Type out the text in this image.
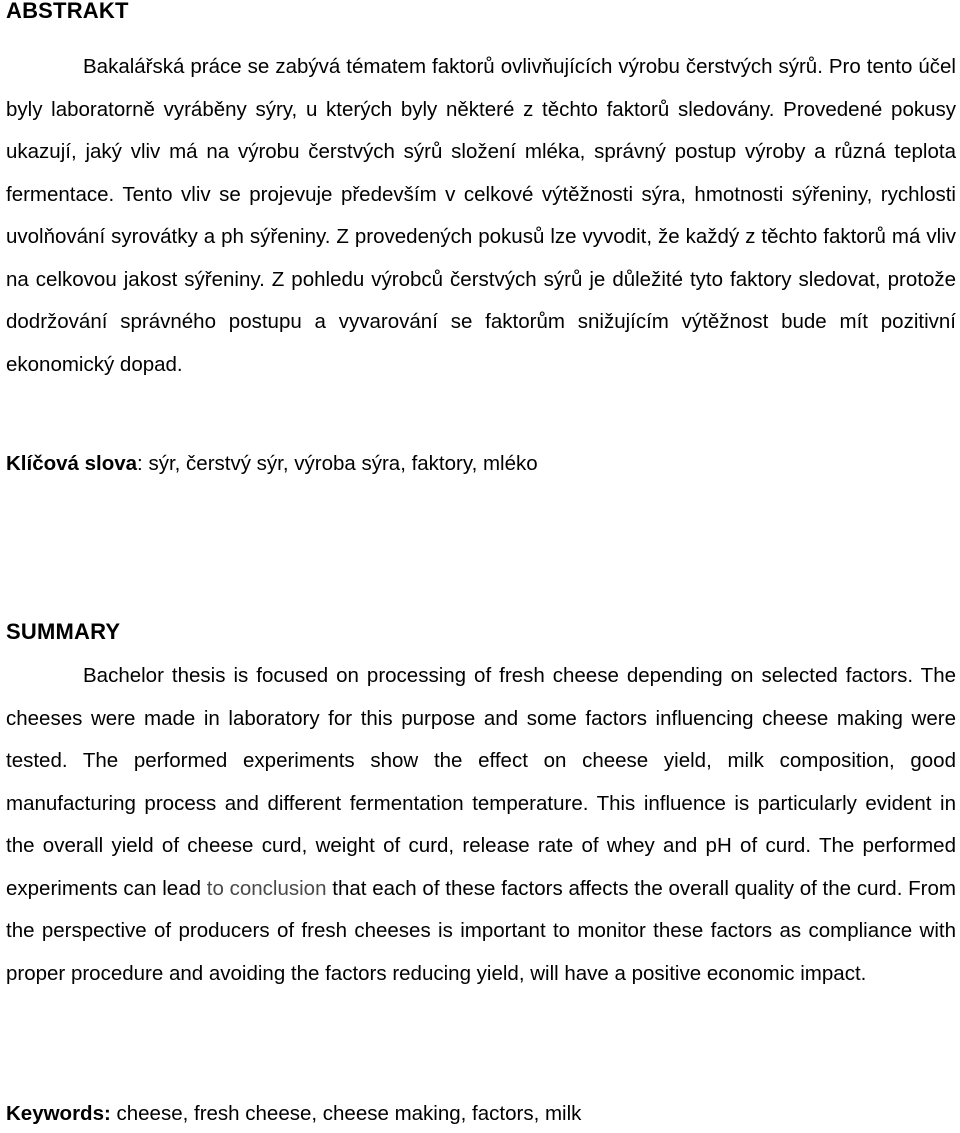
ABSTRAKT

Bakalářská práce se zabývá tématem faktorů ovlivňujících výrobu čerstvých sýrů. Pro tento účel byly laboratorně vyráběny sýry, u kterých byly některé z těchto faktorů sledovány. Provedené pokusy ukazují, jaký vliv má na výrobu čerstvých sýrů složení mléka, správný postup výroby a různá teplota fermentace. Tento vliv se projevuje především v celkové výtěžnosti sýra, hmotnosti sýřeniny, rychlosti uvolňování syrovátky a ph sýřeniny. Z provedených pokusů lze vyvodit, že každý z těchto faktorů má vliv na celkovou jakost sýřeniny. Z pohledu výrobců čerstvých sýrů je důležité tyto faktory sledovat, protože dodržování správného postupu a vyvarování se faktorům snižujícím výtěžnost bude mít pozitivní ekonomický dopad.

Klíčová slova: sýr, čerstvý sýr, výroba sýra, faktory, mléko

SUMMARY

Bachelor thesis is focused on processing of fresh cheese depending on selected factors. The cheeses were made in laboratory for this purpose and some factors influencing cheese making were tested. The performed experiments show the effect on cheese yield, milk composition, good manufacturing process and different fermentation temperature. This influence is particularly evident in the overall yield of cheese curd, weight of curd, release rate of whey and pH of curd. The performed experiments can lead to conclusion that each of these factors affects the overall quality of the curd. From the perspective of producers of fresh cheeses is important to monitor these factors as compliance with proper procedure and avoiding the factors reducing yield, will have a positive economic impact.

Keywords: cheese, fresh cheese, cheese making, factors, milk
